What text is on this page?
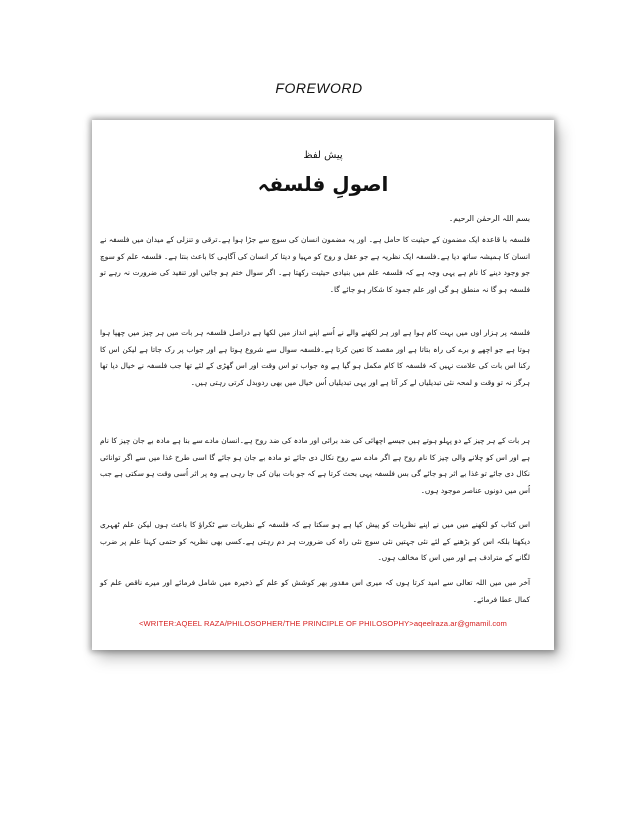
FOREWORD
پیش لفظ
اصولِ فلسفہ
بسم اللہ الرحمٰن الرحیم۔
فلسفہ با قاعدہ ایک مضمون کے حیثیت کا حامل ہے۔ اور یہ مضمون انسان کی سوچ سے جڑا ہوا ہے۔ترقی و تنزلی کے میدان میں فلسفہ نے انسان کا ہمیشہ ساتھ دیا ہے۔فلسفہ ایک نظریہ ہے جو عقل و روح کو مہیا و دیتا کر انسان کی آگاہی کا باعث بنتا ہے۔ فلسفہ علم کو سوچ جو وجود دینے کا نام ہے یہی وجہ ہے کہ فلسفہ علم میں بنیادی حیثیت رکھتا ہے۔ اگر سوال ختم ہو جائیں اور تنقید کی ضرورت نہ رہے تو فلسفہ ہو گا نہ منطق ہو گی اور علم جمود کا شکار ہو جائے گا۔
فلسفہ پر ہزار اوں میں بہت کام ہوا ہے اور ہر لکھنے والے نے اُسے اپنے انداز میں لکھا ہے دراصل فلسفہ ہر بات میں ہر چیز میں چھپا ہوا ہوتا ہے جو اچھے و برے کی راہ بتاتا ہے اور مقصد کا تعین کرتا ہے۔فلسفہ سوال سے شروع ہوتا ہے اور جواب پر رک جاتا ہے لیکن اس کا رکنا اس بات کی علامت نہیں کہ فلسفہ کا کام مکمل ہو گیا ہے وہ جواب تو اس وقت اور اس گھڑی کے لئے تھا جب فلسفہ نے خیال دیا تھا ہرگز نہ تو وقت و لمحہ نئی تبدیلیاں لے کر آتا ہے اور یہی تبدیلیاں اُس خیال میں بھی ردوبدل کرتی رہتی ہیں۔
ہر بات کے ہر چیز کے دو پہلو ہوتے ہیں جیسے اچھائی کی ضد برائی اور مادہ کی ضد روح ہے۔انسان مادے سے بنا ہے مادہ بے جان چیز کا نام ہے اور اس کو چلانے والی چیز کا نام روح ہے اگر مادے سے روح نکال دی جائے تو مادہ بے جان ہو جائے گا اسی طرح غذا میں سے اگر توانائی نکال دی جائے تو غذا بے اثر ہو جائے گی بس فلسفہ یہی بحث کرتا ہے کہ جو بات بیان کی جا رہی ہے وہ پر اثر اُسی وقت ہو سکتی ہے جب اُس میں دونوں عناصر موجود ہوں۔
اس کتاب کو لکھنے میں میں نے اپنے نظریات کو پیش کیا ہے ہو سکتا ہے کہ فلسفہ کے نظریات سے ٹکراؤ کا باعث ہوں لیکن علم ٹھہری دیکھتا بلکہ اس کو بڑھنے کے لئے نئی جہتیں نئی سوچ نئی راہ کی ضرورت ہر دم رہتی ہے۔کسی بھی نظریہ کو حتمی کہنا علم پر ضرب لگانے کے مترادف ہے اور میں اس کا مخالف ہوں۔
آخر میں میں اللہ تعالی سے امید کرتا ہوں کہ میری اس مقدور بھر کوشش کو علم کے ذخیرہ میں شامل فرمائے اور میرے ناقص علم کو کمال عطا فرمائے۔
<WRITER:AQEEL RAZA/PHILOSOPHER/THE PRINCIPLE OF PHILOSOPHY>aqeelraza.ar@gmamil.com
